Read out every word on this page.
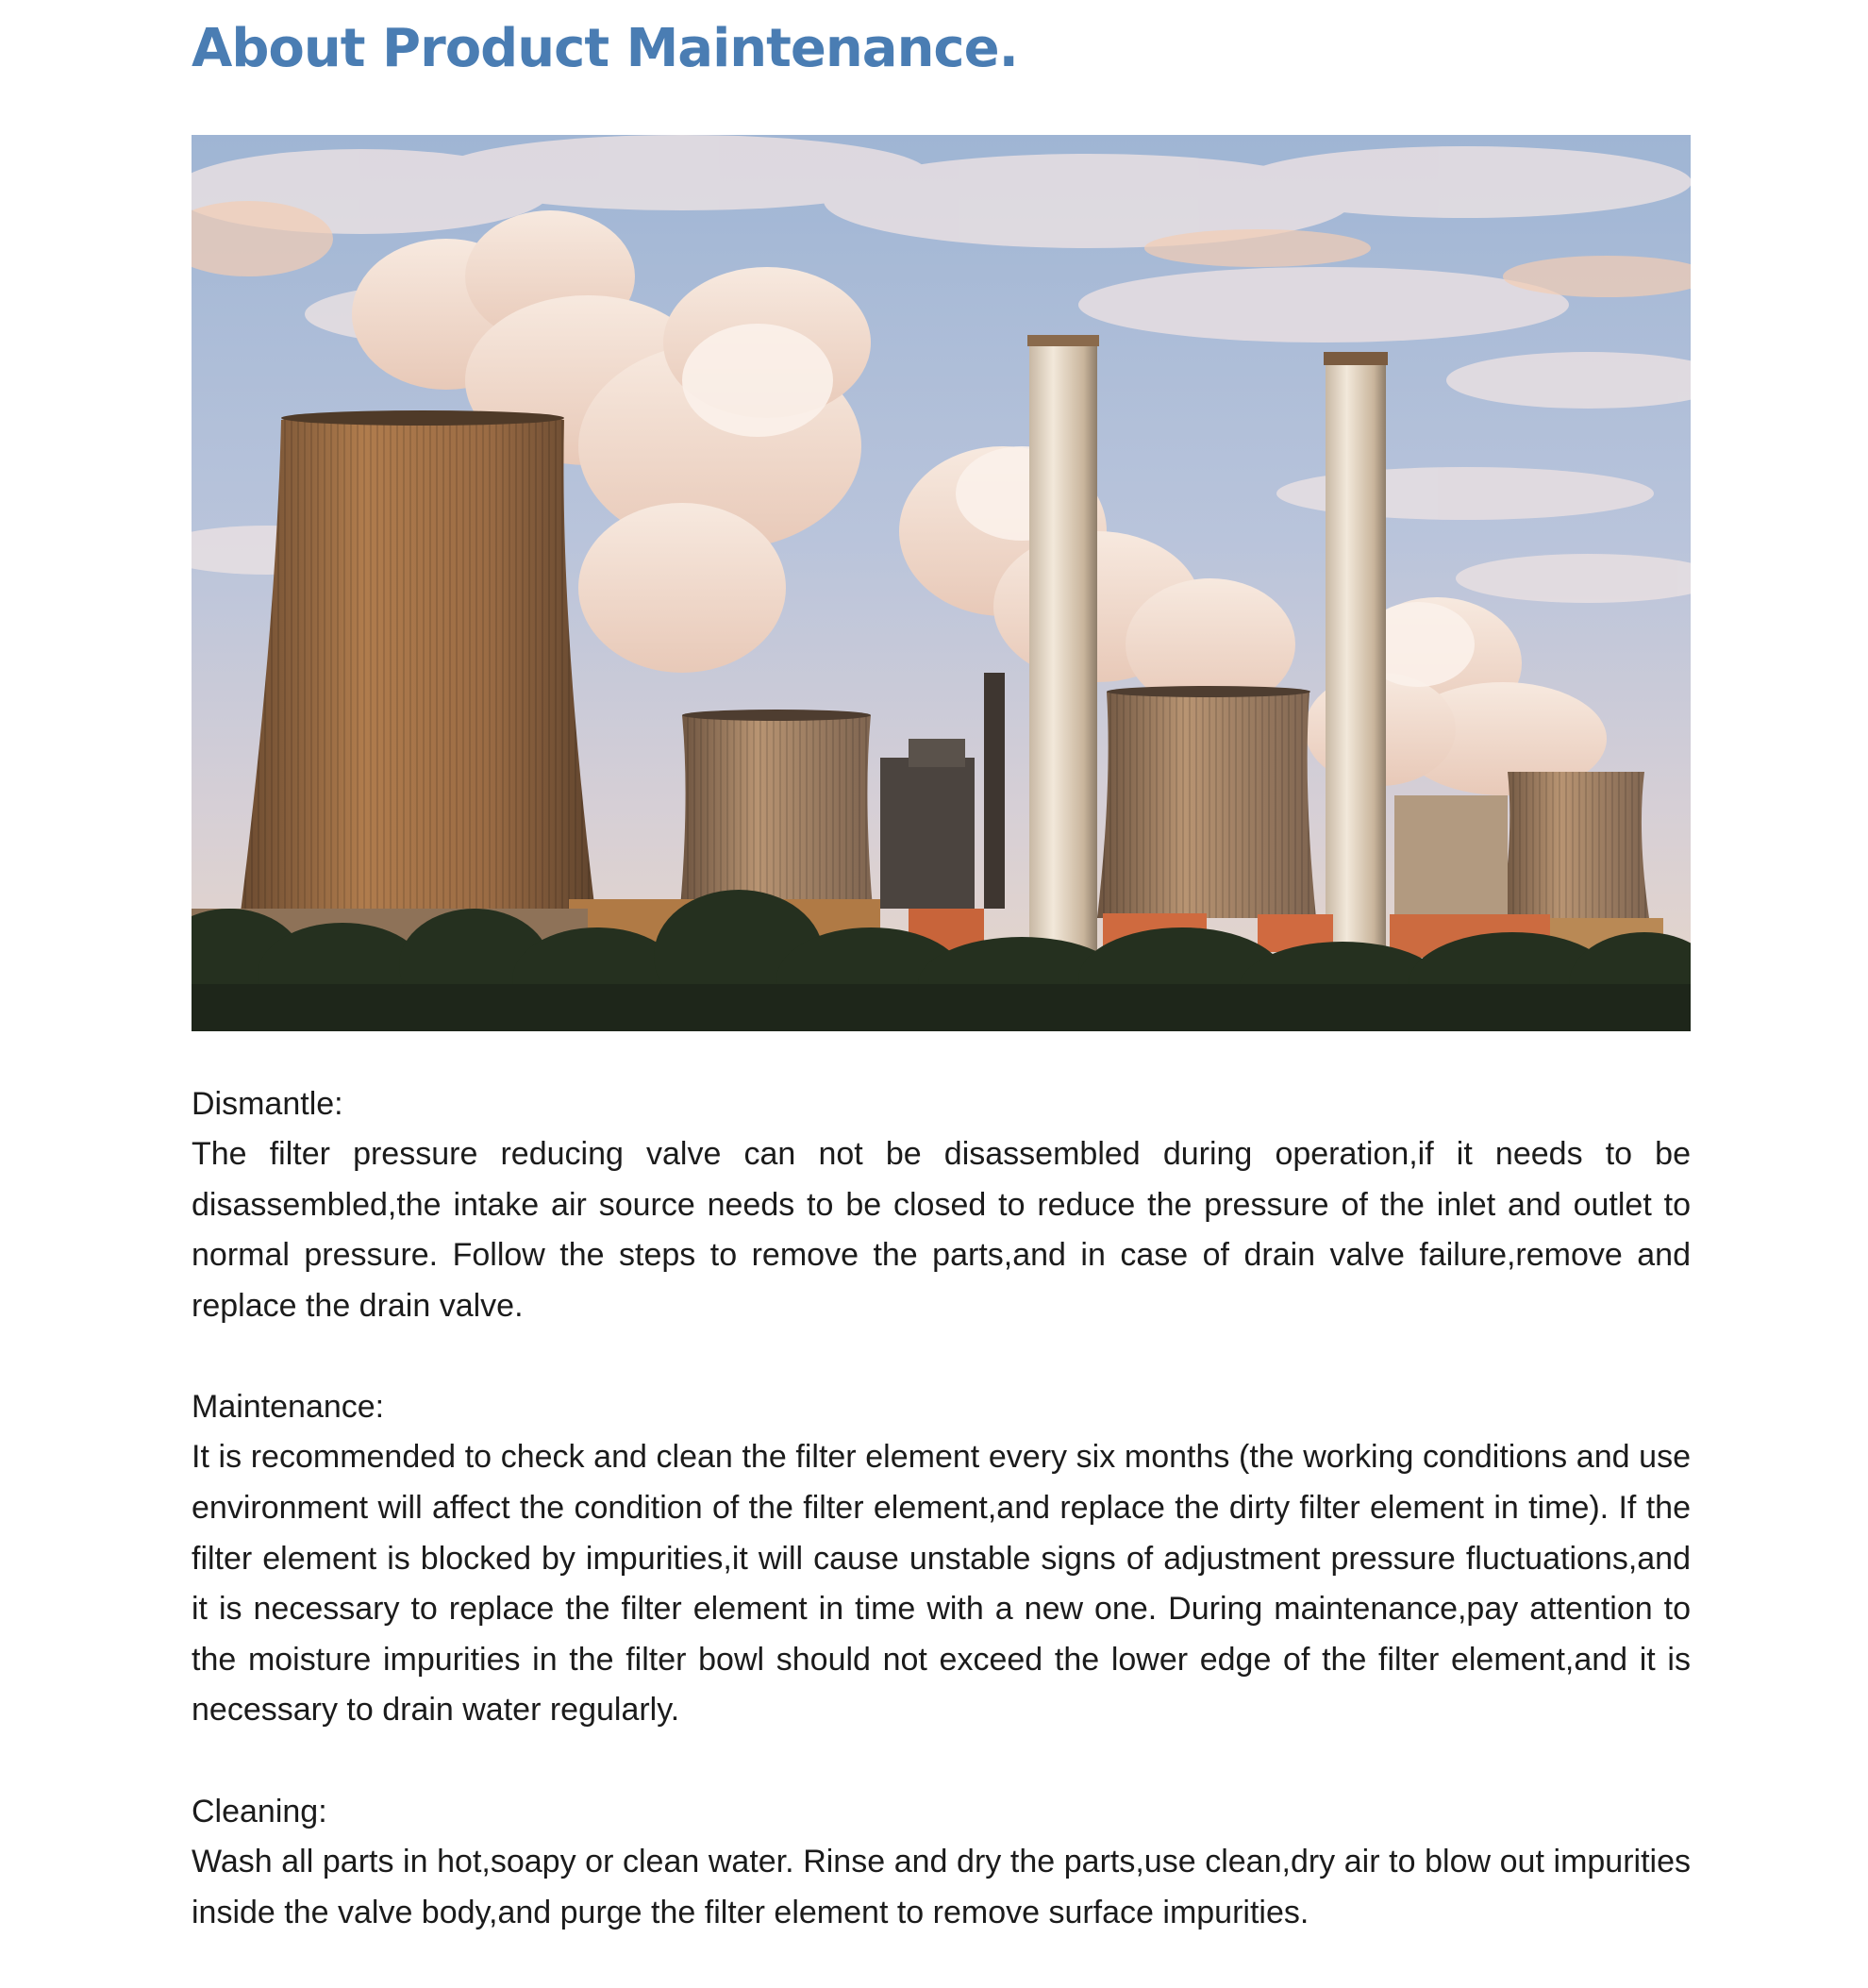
About Product Maintenance.
Dismantle:

The filter pressure reducing valve can not be disassembled during operation,if it needs to be disassembled,the intake air source needs to be closed to reduce the pressure of the inlet and outlet to normal pressure. Follow the steps to remove the parts,and in case of drain valve failure,remove and replace the drain valve.

Maintenance:

It is recommended to check and clean the filter element every six months (the working conditions and use environment will affect the condition of the filter element,and replace the dirty filter element in time). If the filter element is blocked by impurities,it will cause unstable signs of adjustment pressure fluctuations,and it is necessary to replace the filter element in time with a new one. During maintenance,pay attention to the moisture impurities in the filter bowl should not exceed the lower edge of the filter element,and it is necessary to drain water regularly.

Cleaning:

Wash all parts in hot,soapy or clean water. Rinse and dry the parts,use clean,dry air to blow out impurities inside the valve body,and purge the filter element to remove surface impurities.
